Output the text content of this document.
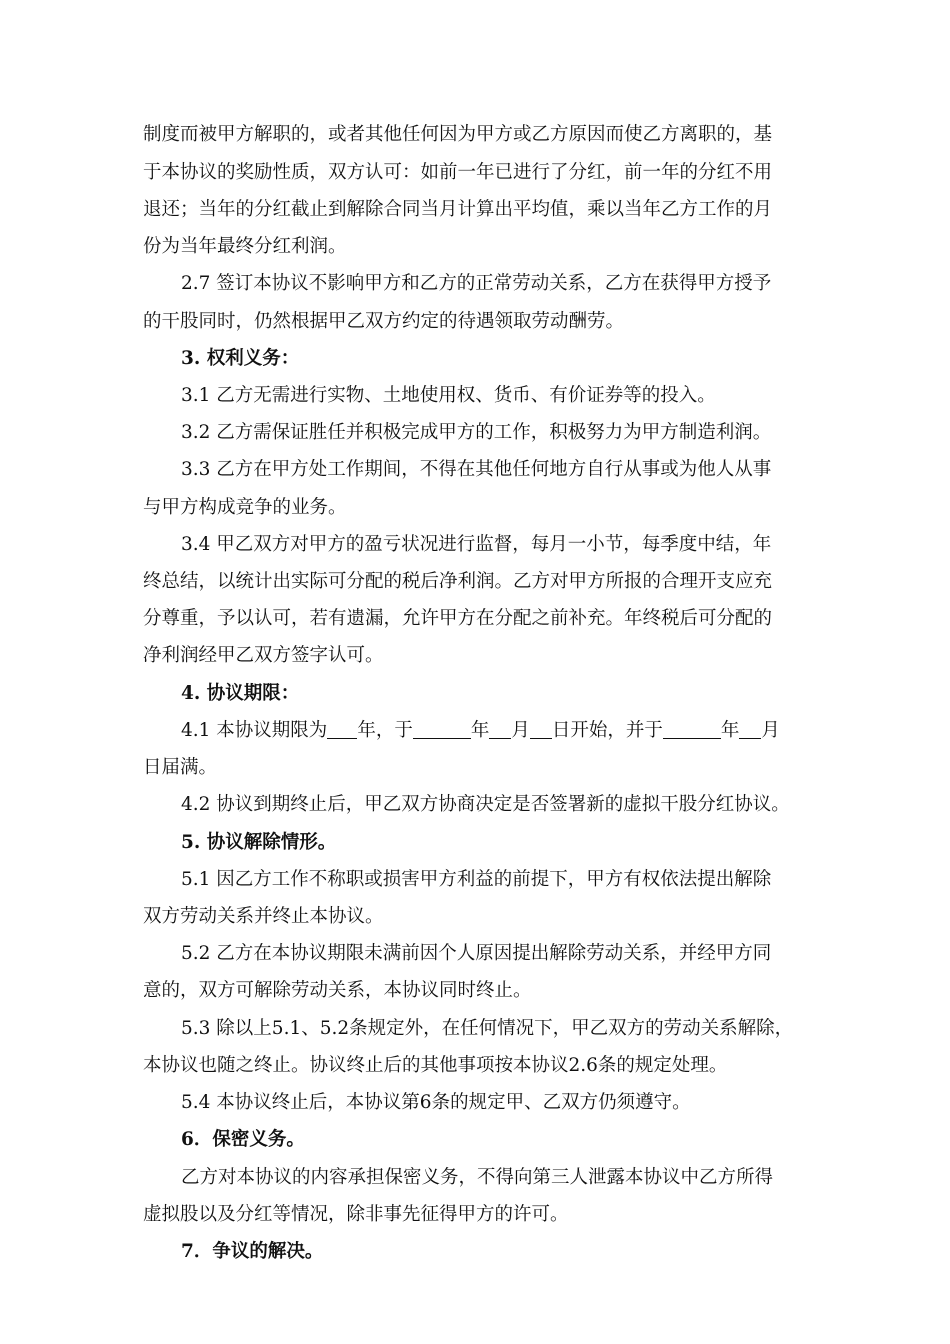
制度而被甲方解职的，或者其他任何因为甲方或乙方原因而使乙方离职的，基
于本协议的奖励性质，双方认可：如前一年已进行了分红，前一年的分红不用
退还；当年的分红截止到解除合同当月计算出平均值，乘以当年乙方工作的月
份为当年最终分红利润。
2.7 签订本协议不影响甲方和乙方的正常劳动关系，乙方在获得甲方授予
的干股同时，仍然根据甲乙双方约定的待遇领取劳动酬劳。
3. 权利义务：
3.1 乙方无需进行实物、土地使用权、货币、有价证券等的投入。
3.2 乙方需保证胜任并积极完成甲方的工作，积极努力为甲方制造利润。
3.3 乙方在甲方处工作期间，不得在其他任何地方自行从事或为他人从事
与甲方构成竞争的业务。
3.4 甲乙双方对甲方的盈亏状况进行监督，每月一小节，每季度中结，年
终总结，以统计出实际可分配的税后净利润。乙方对甲方所报的合理开支应充
分尊重，予以认可，若有遗漏，允许甲方在分配之前补充。年终税后可分配的
净利润经甲乙双方签字认可。
4. 协议期限：
4.1 本协议期限为 年，于	年 月 日开始，并于	年 月
日届满。
4.2 协议到期终止后，甲乙双方协商决定是否签署新的虚拟干股分红协议。
5. 协议解除情形。
5.1 因乙方工作不称职或损害甲方利益的前提下，甲方有权依法提出解除
双方劳动关系并终止本协议。
5.2 乙方在本协议期限未满前因个人原因提出解除劳动关系，并经甲方同
意的，双方可解除劳动关系，本协议同时终止。
5.3 除以上5.1、5.2条规定外，在任何情况下，甲乙双方的劳动关系解除，
本协议也随之终止。协议终止后的其他事项按本协议2.6条的规定处理。
5.4 本协议终止后，本协议第6条的规定甲、乙双方仍须遵守。
6．保密义务。
乙方对本协议的内容承担保密义务，不得向第三人泄露本协议中乙方所得
虚拟股以及分红等情况，除非事先征得甲方的许可。
7．争议的解决。
